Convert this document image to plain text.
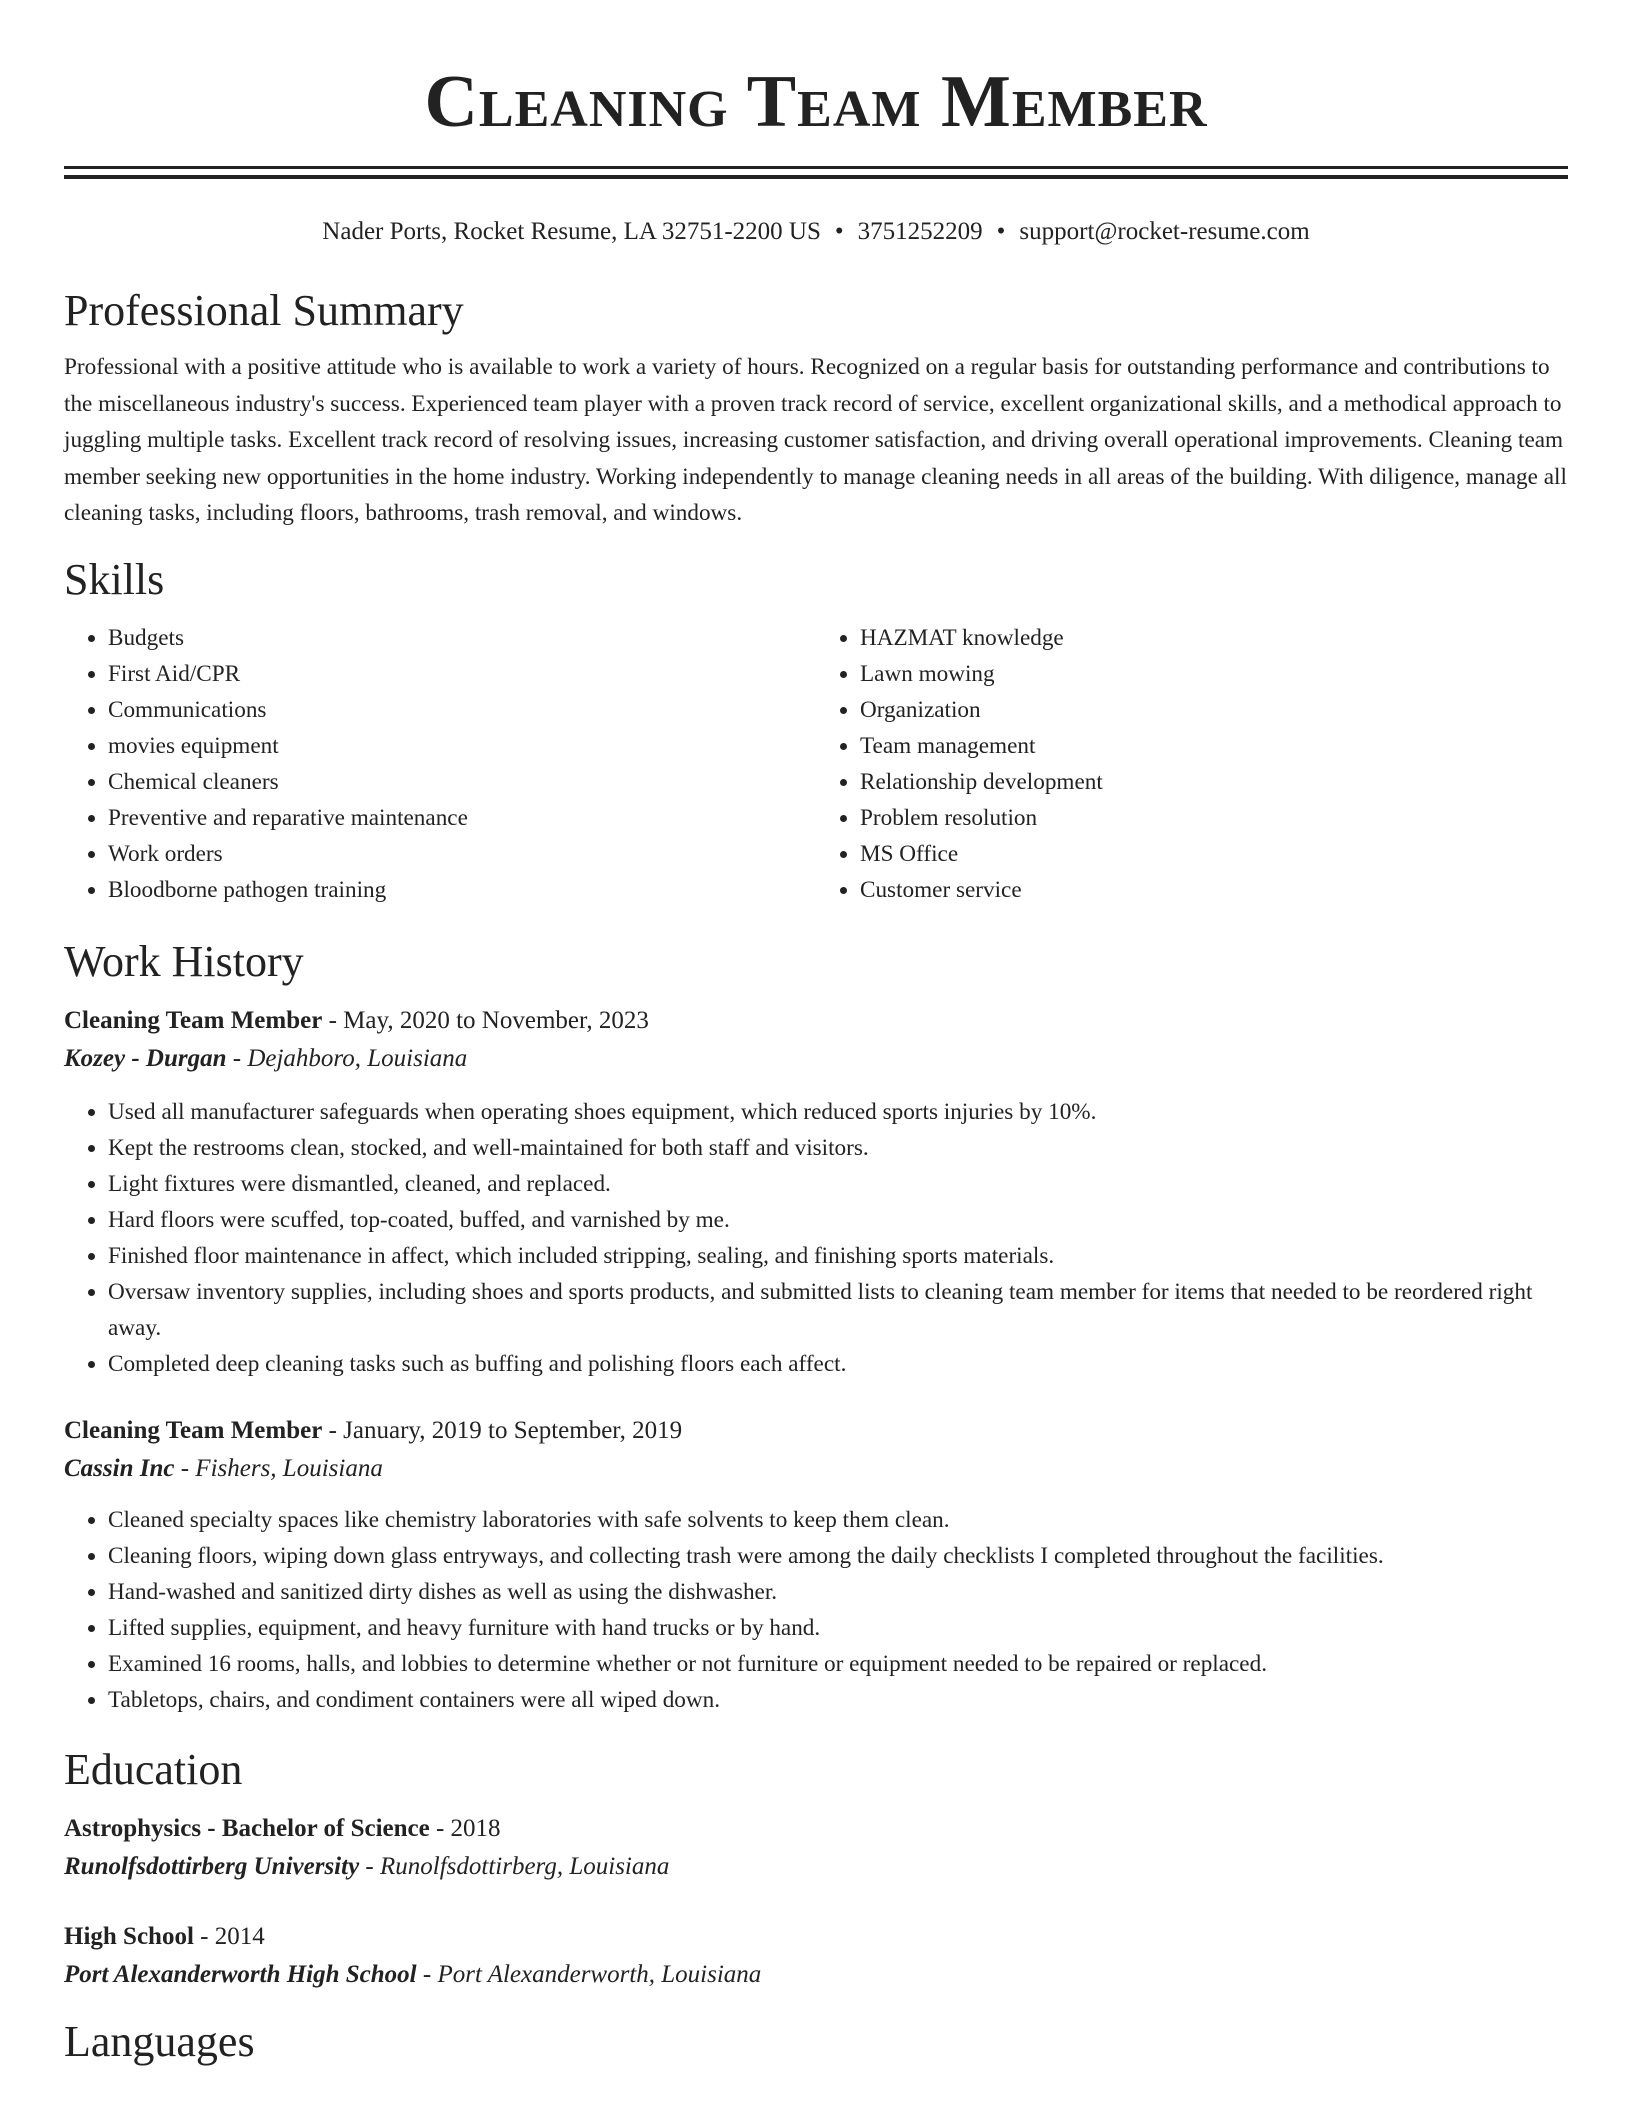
Cleaning Team Member
Nader Ports, Rocket Resume, LA 32751-2200 US • 3751252209 • support@rocket-resume.com
Professional Summary

Professional with a positive attitude who is available to work a variety of hours. Recognized on a regular basis for outstanding performance and contributions to the miscellaneous industry's success. Experienced team player with a proven track record of service, excellent organizational skills, and a methodical approach to juggling multiple tasks. Excellent track record of resolving issues, increasing customer satisfaction, and driving overall operational improvements. Cleaning team member seeking new opportunities in the home industry. Working independently to manage cleaning needs in all areas of the building. With diligence, manage all cleaning tasks, including floors, bathrooms, trash removal, and windows.

Skills
• Budgets
• First Aid/CPR
• Communications
• movies equipment
• Chemical cleaners
• Preventive and reparative maintenance
• Work orders
• Bloodborne pathogen training
• HAZMAT knowledge
• Lawn mowing
• Organization
• Team management
• Relationship development
• Problem resolution
• MS Office
• Customer service
Work History

Cleaning Team Member - May, 2020 to November, 2023

Kozey - Durgan - Dejahboro, Louisiana

• Used all manufacturer safeguards when operating shoes equipment, which reduced sports injuries by 10%.
• Kept the restrooms clean, stocked, and well-maintained for both staff and visitors.
• Light fixtures were dismantled, cleaned, and replaced.
• Hard floors were scuffed, top-coated, buffed, and varnished by me.
• Finished floor maintenance in affect, which included stripping, sealing, and finishing sports materials.
• Oversaw inventory supplies, including shoes and sports products, and submitted lists to cleaning team member for items that needed to be reordered right away.
• Completed deep cleaning tasks such as buffing and polishing floors each affect.

Cleaning Team Member - January, 2019 to September, 2019

Cassin Inc - Fishers, Louisiana

• Cleaned specialty spaces like chemistry laboratories with safe solvents to keep them clean.
• Cleaning floors, wiping down glass entryways, and collecting trash were among the daily checklists I completed throughout the facilities.
• Hand-washed and sanitized dirty dishes as well as using the dishwasher.
• Lifted supplies, equipment, and heavy furniture with hand trucks or by hand.
• Examined 16 rooms, halls, and lobbies to determine whether or not furniture or equipment needed to be repaired or replaced.
• Tabletops, chairs, and condiment containers were all wiped down.
Education

Astrophysics - Bachelor of Science - 2018

Runolfsdottirberg University - Runolfsdottirberg, Louisiana

High School - 2014

Port Alexanderworth High School - Port Alexanderworth, Louisiana

Languages
